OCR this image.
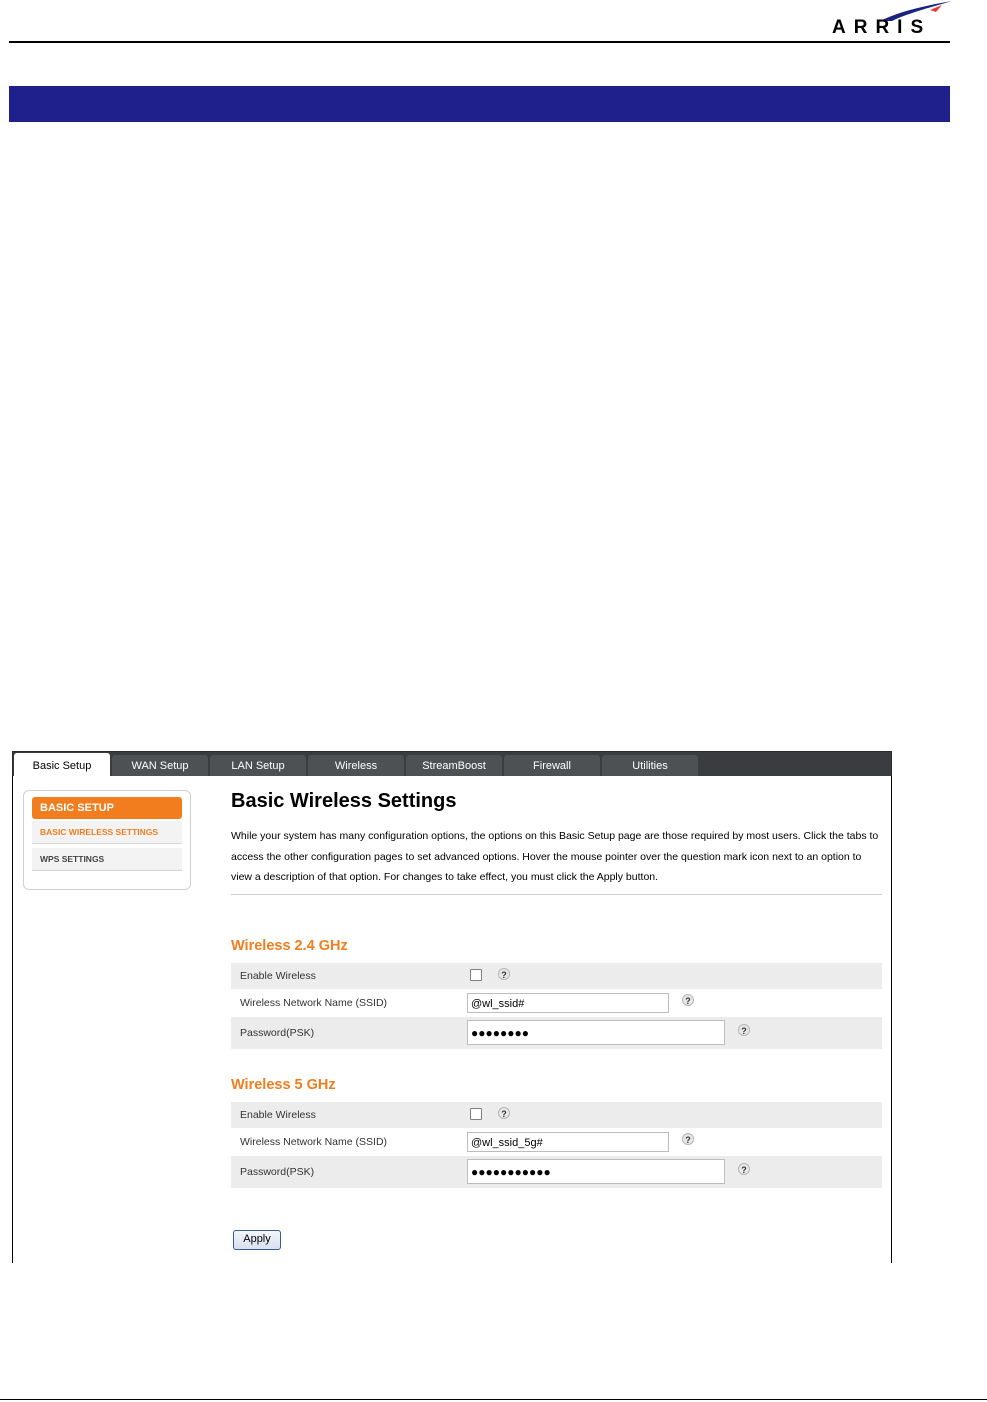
ARRIS
Basic Setup	WAN Setup	LAN Setup	Wireless	StreamBoost	Firewall	Utilities
BASIC SETUP
BASIC WIRELESS SETTINGS
WPS SETTINGS
Basic Wireless Settings
While your system has many configuration options, the options on this Basic Setup page are those required by most users. Click the tabs to access the other configuration pages to set advanced options. Hover the mouse pointer over the question mark icon next to an option to view a description of that option. For changes to take effect, you must click the Apply button.
Wireless 2.4 GHz
Enable Wireless	?
Wireless Network Name (SSID)	@wl_ssid#	?
Password(PSK)	●●●●●●●●	?
Wireless 5 GHz
Enable Wireless	?
Wireless Network Name (SSID)	@wl_ssid_5g#	?
Password(PSK)	●●●●●●●●●●●	?
Apply
